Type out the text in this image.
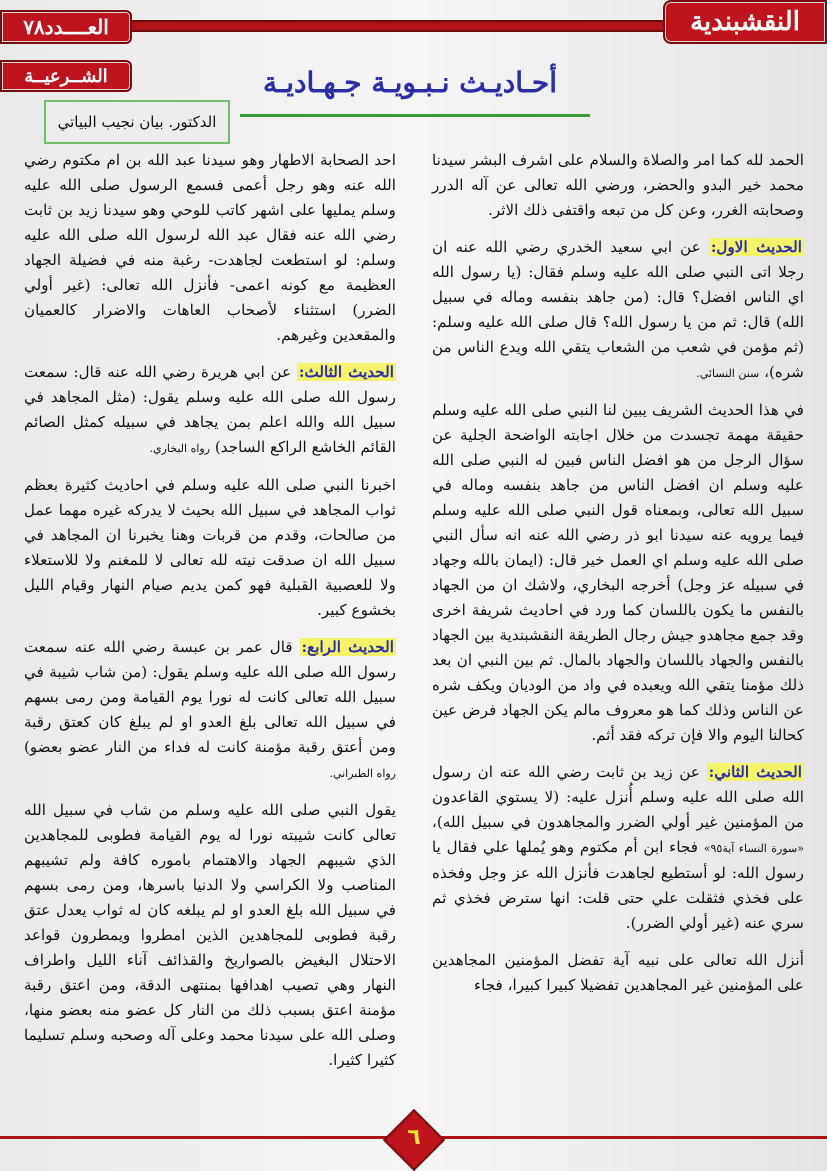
العــــدد٧٨
الشــرعيــة
النقشبندية
أحـاديـث نـبـويـة جـهـاديـة
الدكتور. بيان نجيب البياتي

الحمد لله كما امر والصلاة والسلام على اشرف البشر سيدنا محمد خير البدو والحضر، ورضي الله تعالى عن آله الدرر وصحابته الغرر، وعن كل من تبعه واقتفى ذلك الاثر.

الحديث الاول: عن ابي سعيد الخدري رضي الله عنه ان رجلا اتى النبي صلى الله عليه وسلم فقال: (يا رسول الله اي الناس افضل؟ قال: (من جاهد بنفسه وماله في سبيل الله) قال: ثم من يا رسول الله؟ قال صلى الله عليه وسلم: (ثم مؤمن في شعب من الشعاب يتقي الله ويدع الناس من شره)، سنن النسائي.

في هذا الحديث الشريف يبين لنا النبي صلى الله عليه وسلم حقيقة مهمة تجسدت من خلال اجابته الواضحة الجلية عن سؤال الرجل من هو افضل الناس فبين له النبي صلى الله عليه وسلم ان افضل الناس من جاهد بنفسه وماله في سبيل الله تعالى، وبمعناه قول النبي صلى الله عليه وسلم فيما يرويه عنه سيدنا ابو ذر رضي الله عنه انه سأل النبي صلى الله عليه وسلم اي العمل خير قال: (ايمان بالله وجهاد في سبيله عز وجل) أخرجه البخاري، ولاشك ان من الجهاد بالنفس ما يكون باللسان كما ورد في احاديث شريفة اخرى وقد جمع مجاهدو جيش رجال الطريقة النقشبندية بين الجهاد بالنفس والجهاد باللسان والجهاد بالمال. ثم بين النبي ان بعد ذلك مؤمنا يتقي الله ويعبده في واد من الوديان ويكف شره عن الناس وذلك كما هو معروف مالم يكن الجهاد فرض عين كحالنا اليوم والا فإن تركه فقد أثم.

الحديث الثاني: عن زيد بن ثابت رضي الله عنه ان رسول الله صلى الله عليه وسلم أُنزل عليه: (لا يستوي القاعدون من المؤمنين غير أولي الضرر والمجاهدون في سبيل الله)، «سورة النساء آية٩٥» فجاء ابن أم مكتوم وهو يُملها علي فقال يا رسول الله: لو أستطيع لجاهدت فأنزل الله عز وجل وفخذه على فخذي فثقلت علي حتى قلت: انها سترض فخذي ثم سري عنه (غير أولي الضرر).

أنزل الله تعالى على نبيه آية تفضل المؤمنين المجاهدين على المؤمنين غير المجاهدين تفضيلا كبيرا كبيرا، فجاء

احد الصحابة الاطهار وهو سيدنا عبد الله بن ام مكتوم رضي الله عنه وهو رجل أعمى فسمع الرسول صلى الله عليه وسلم يمليها على اشهر كاتب للوحي وهو سيدنا زيد بن ثابت رضي الله عنه فقال عبد الله لرسول الله صلى الله عليه وسلم: لو استطعت لجاهدت- رغبة منه في فضيلة الجهاد العظيمة مع كونه اعمى- فأنزل الله تعالى: (غير أولي الضرر) استثناء لأصحاب العاهات والاضرار كالعميان والمقعدين وغيرهم.

الحديث الثالث: عن ابي هريرة رضي الله عنه قال: سمعت رسول الله صلى الله عليه وسلم يقول: (مثل المجاهد في سبيل الله والله اعلم بمن يجاهد في سبيله كمثل الصائم القائم الخاشع الراكع الساجد) رواه البخاري.

اخبرنا النبي صلى الله عليه وسلم في احاديث كثيرة بعظم ثواب المجاهد في سبيل الله بحيث لا يدركه غيره مهما عمل من صالحات، وقدم من قربات وهنا يخبرنا ان المجاهد في سبيل الله ان صدقت نيته لله تعالى لا للمغنم ولا للاستعلاء ولا للعصبية القبلية فهو كمن يديم صيام النهار وقيام الليل بخشوع كبير.

الحديث الرابع: قال عمر بن عبسة رضي الله عنه سمعت رسول الله صلى الله عليه وسلم يقول: (من شاب شيبة في سبيل الله تعالى كانت له نورا يوم القيامة ومن رمى بسهم في سبيل الله تعالى بلغ العدو او لم يبلغ كان كعتق رقبة ومن أعتق رقبة مؤمنة كانت له فداء من النار عضو بعضو) رواه الطبراني.

يقول النبي صلى الله عليه وسلم من شاب في سبيل الله تعالى كانت شيبته نورا له يوم القيامة فطوبى للمجاهدين الذي شيبهم الجهاد والاهتمام باموره كافة ولم تشيبهم المناصب ولا الكراسي ولا الدنيا باسرها، ومن رمى بسهم في سبيل الله بلغ العدو او لم يبلغه كان له ثواب يعدل عتق رقبة فطوبى للمجاهدين الذين امطروا ويمطرون قواعد الاحتلال البغيض بالصواريخ والقذائف آناء الليل واطراف النهار وهي تصيب اهدافها بمنتهى الدقة، ومن اعتق رقبة مؤمنة اعتق بسبب ذلك من النار كل عضو منه بعضو منها، وصلى الله على سيدنا محمد وعلى آله وصحبه وسلم تسليما كثيرا كثيرا.

٦
